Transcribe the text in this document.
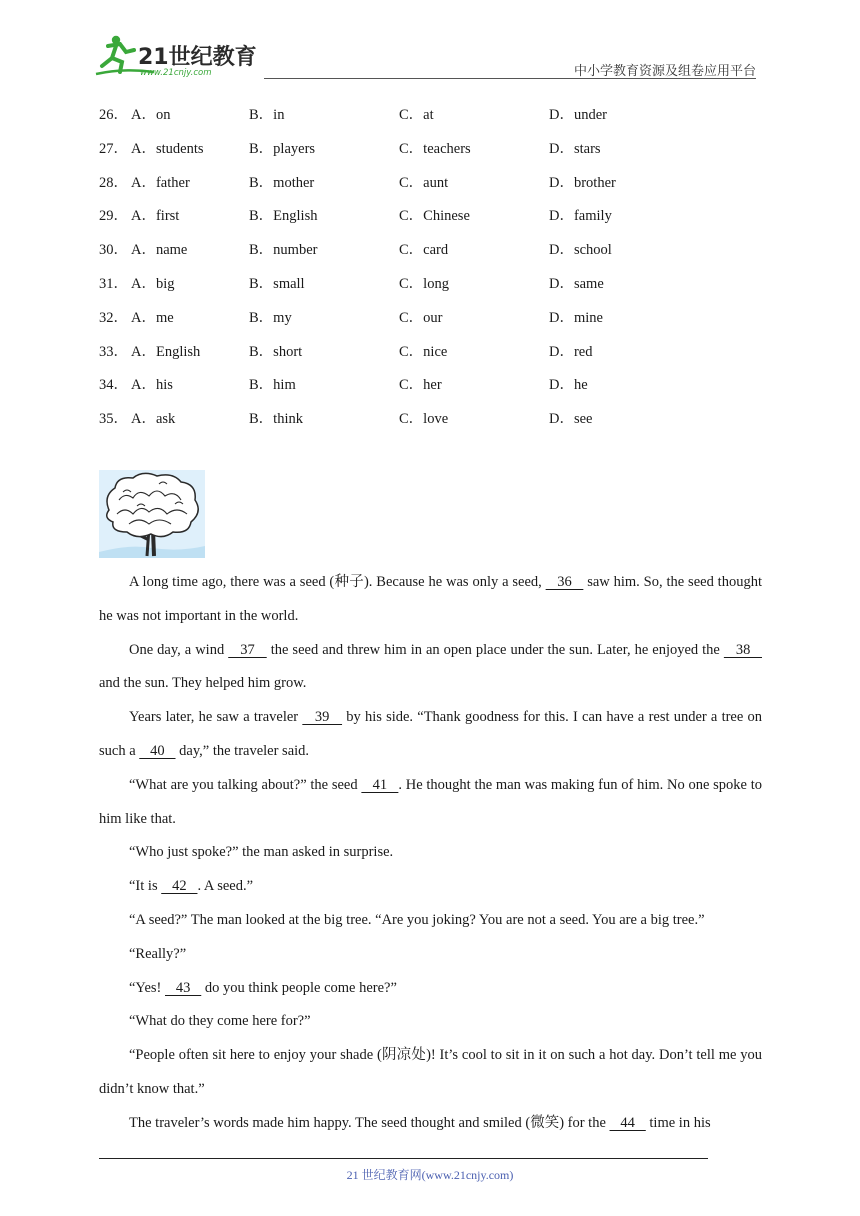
21世纪教育
www.21cnjy.com	中小学教育资源及组卷应用平台
26． A．on	B．in	C．at	D．under
27． A．students	B．players	C．teachers	D．stars
28． A．father	B．mother	C．aunt	D．brother
29． A．first	B．English	C．Chinese	D．family
30． A．name	B．number	C．card	D．school
31． A．big	B．small	C．long	D．same
32． A．me	B．my	C．our	D．mine
33． A．English	B．short	C．nice	D．red
34． A．his	B．him	C．her	D．he
35． A．ask	B．think	C．love	D．see

A long time ago, there was a seed (种子). Because he was only a seed,    36    saw him. So, the seed thought he was not important in the world.

One day, a wind    37    the seed and threw him in an open place under the sun. Later, he enjoyed the    38    and the sun. They helped him grow.

Years later, he saw a traveler    39    by his side. “Thank goodness for this. I can have a rest under a tree on such a    40    day,” the traveler said.

“What are you talking about?” the seed    41   . He thought the man was making fun of him. No one spoke to him like that.

“Who just spoke?” the man asked in surprise.

“It is    42   . A seed.”

“A seed?” The man looked at the big tree. “Are you joking? You are not a seed. You are a big tree.”

“Really?”

“Yes!    43    do you think people come here?”

“What do they come here for?”

“People often sit here to enjoy your shade (阴凉处)! It’s cool to sit in it on such a hot day. Don’t tell me you didn’t know that.”

The traveler’s words made him happy. The seed thought and smiled (微笑) for the    44    time in his

21 世纪教育网(www.21cnjy.com)
